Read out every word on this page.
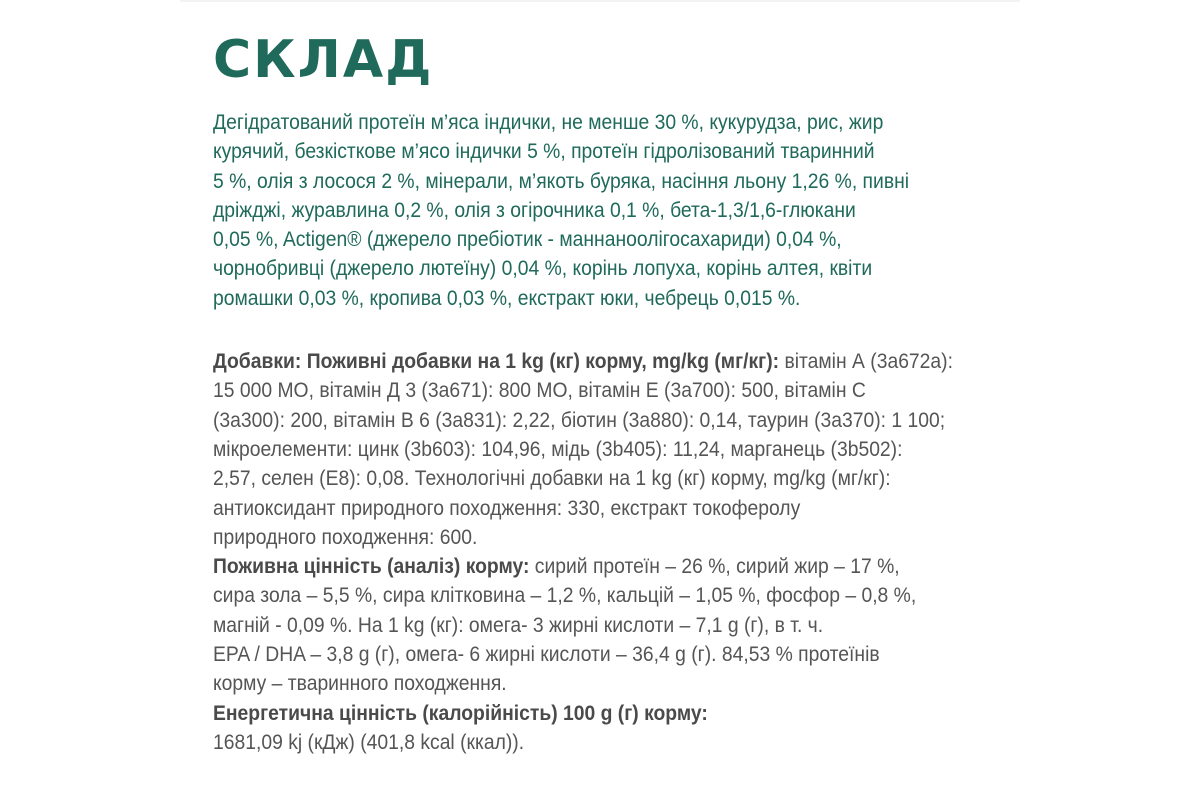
СКЛАД

Дегідратований протеїн м’яса індички, не менше 30 %, кукурудза, рис, жир
курячий, безкісткове м’ясо індички 5 %, протеїн гідролізований тваринний
5 %, олія з лосося 2 %, мінерали, м’якоть буряка, насіння льону 1,26 %, пивні
дріжджі, журавлина 0,2 %, олія з огірочника 0,1 %, бета-1,3/1,6-глюкани
0,05 %, Actigen® (джерело пребіотик - маннаноолігосахариди) 0,04 %,
чорнобривці (джерело лютеїну) 0,04 %, корінь лопуха, корінь алтея, квіти
ромашки 0,03 %, кропива 0,03 %, екстракт юки, чебрець 0,015 %.

Добавки: Поживні добавки на 1 kg (кг) корму, mg/kg (мг/кг): вітамін А (3а672а):
15 000 МО, вітамін Д 3 (3а671): 800 МО, вітамін Е (3а700): 500, вітамін С
(3а300): 200, вітамін В 6 (3а831): 2,22, біотин (3а880): 0,14, таурин (3а370): 1 100;
мікроелементи: цинк (3b603): 104,96, мідь (3b405): 11,24, марганець (3b502):
2,57, селен (E8): 0,08. Технологічні добавки на 1 kg (кг) корму, mg/kg (мг/кг):
антиоксидант природного походження: 330, екстракт токоферолу
природного походження: 600.

Поживна цінність (аналіз) корму: сирий протеїн – 26 %, сирий жир – 17 %,
сира зола – 5,5 %, сира клітковина – 1,2 %, кальцій – 1,05 %, фосфор – 0,8 %,
магній - 0,09 %. На 1 kg (кг): омега- 3 жирні кислоти – 7,1 g (г), в т. ч.
EPA / DHA – 3,8 g (г), омега- 6 жирні кислоти – 36,4 g (г). 84,53 % протеїнів
корму – тваринного походження.

Енергетична цінність (калорійність) 100 g (г) корму:
1681,09 kj (кДж) (401,8 kcal (ккал)).
